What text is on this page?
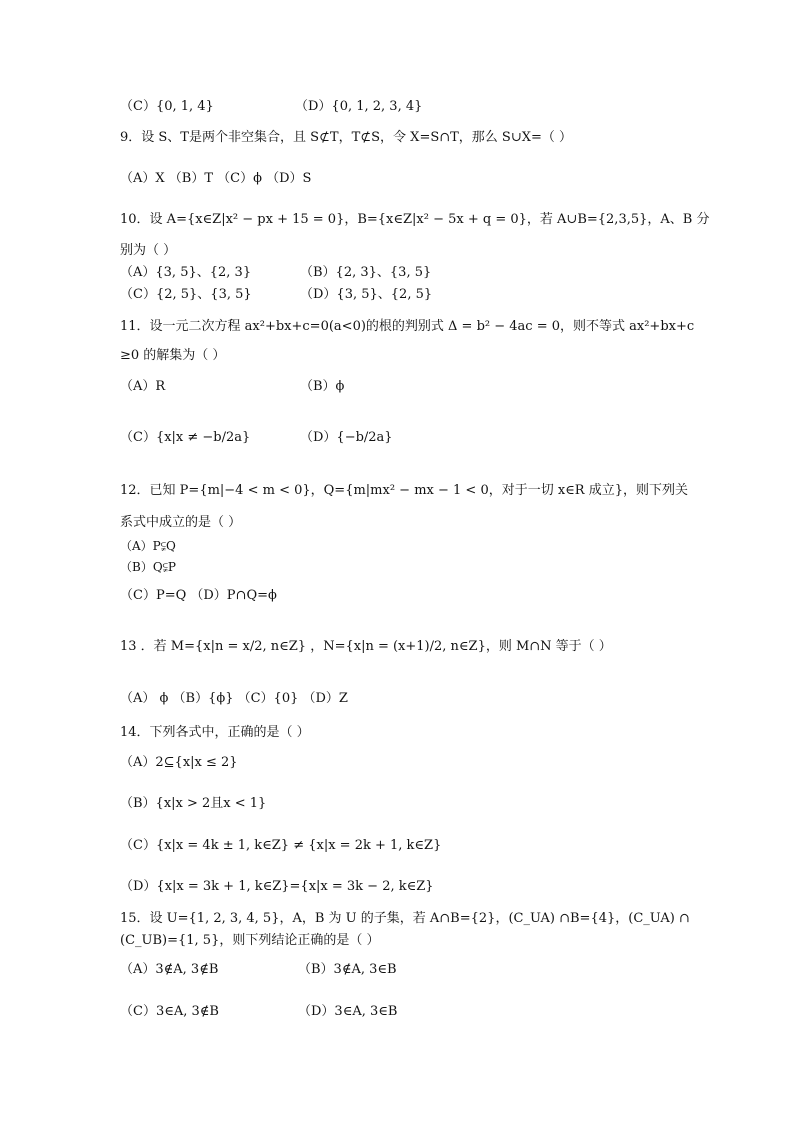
（C）{0, 1, 4}	（D）{0, 1, 2, 3, 4}
9．设 S、T是两个非空集合，且 S⊄T，T⊄S，令 X=S∩T，那么 S∪X=（ ）
（A）X （B）T （C）ϕ （D）S
10．设 A={x∈Z|x² − px + 15 = 0}，B={x∈Z|x² − 5x + q = 0}，若 A∪B={2,3,5}，A、B 分
别为（ ）
（A）{3, 5}、{2, 3}	（B）{2, 3}、{3, 5}
（C）{2, 5}、{3, 5}	（D）{3, 5}、{2, 5}
11．设一元二次方程 ax²+bx+c=0(a<0)的根的判别式 Δ = b² − 4ac = 0，则不等式 ax²+bx+c
≥0 的解集为（ ）
（A）R	（B）ϕ
（C）{x|x ≠ −b/2a}	（D）{−b/2a}
12．已知 P={m|−4 < m < 0}，Q={m|mx² − mx − 1 < 0，对于一切 x∈R 成立}，则下列关
系式中成立的是（ ）
（A）P⫋Q
（B）Q⫋P
（C）P=Q （D）P∩Q=ϕ
13 ．若 M={x|n = x/2, n∈Z} ，N={x|n = (x+1)/2, n∈Z}，则 M∩N 等于（ ）
（A） ϕ （B）{ϕ} （C）{0} （D）Z
14．下列各式中，正确的是（ ）
（A）2⊆{x|x ≤ 2}
（B）{x|x > 2且x < 1}
（C）{x|x = 4k ± 1, k∈Z} ≠ {x|x = 2k + 1, k∈Z}
（D）{x|x = 3k + 1, k∈Z}={x|x = 3k − 2, k∈Z}
15．设 U={1, 2, 3, 4, 5}，A，B 为 U 的子集，若 A∩B={2}，(C_UA) ∩B={4}，(C_UA) ∩
(C_UB)={1, 5}，则下列结论正确的是（ ）
（A）3∉A, 3∉B	（B）3∉A, 3∈B
（C）3∈A, 3∉B	（D）3∈A, 3∈B
